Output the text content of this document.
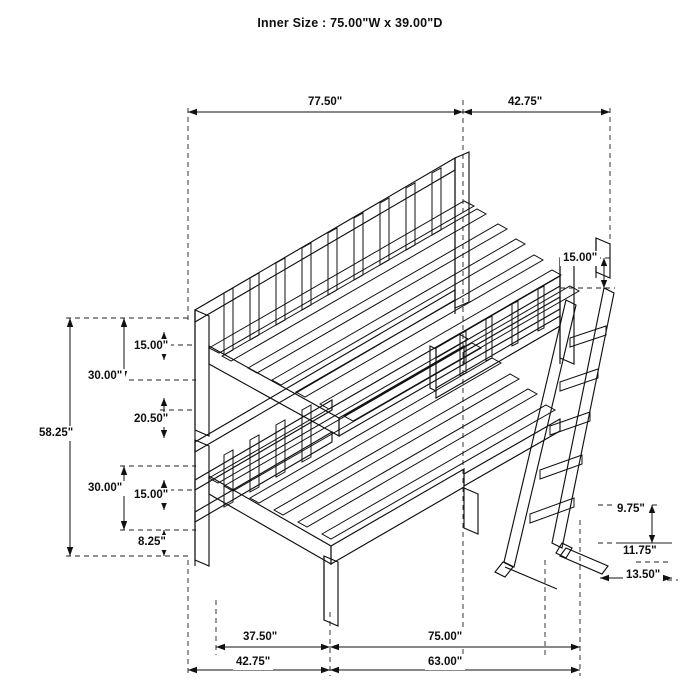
Inner Size : 75.00"W x 39.00"D
77.50"	42.75"
15.00"
58.25"
30.00"
30.00"
15.00"
20.50"
15.00"
8.25"
9.75"
11.75"
13.50"
37.50"	75.00"
42.75"	63.00"
